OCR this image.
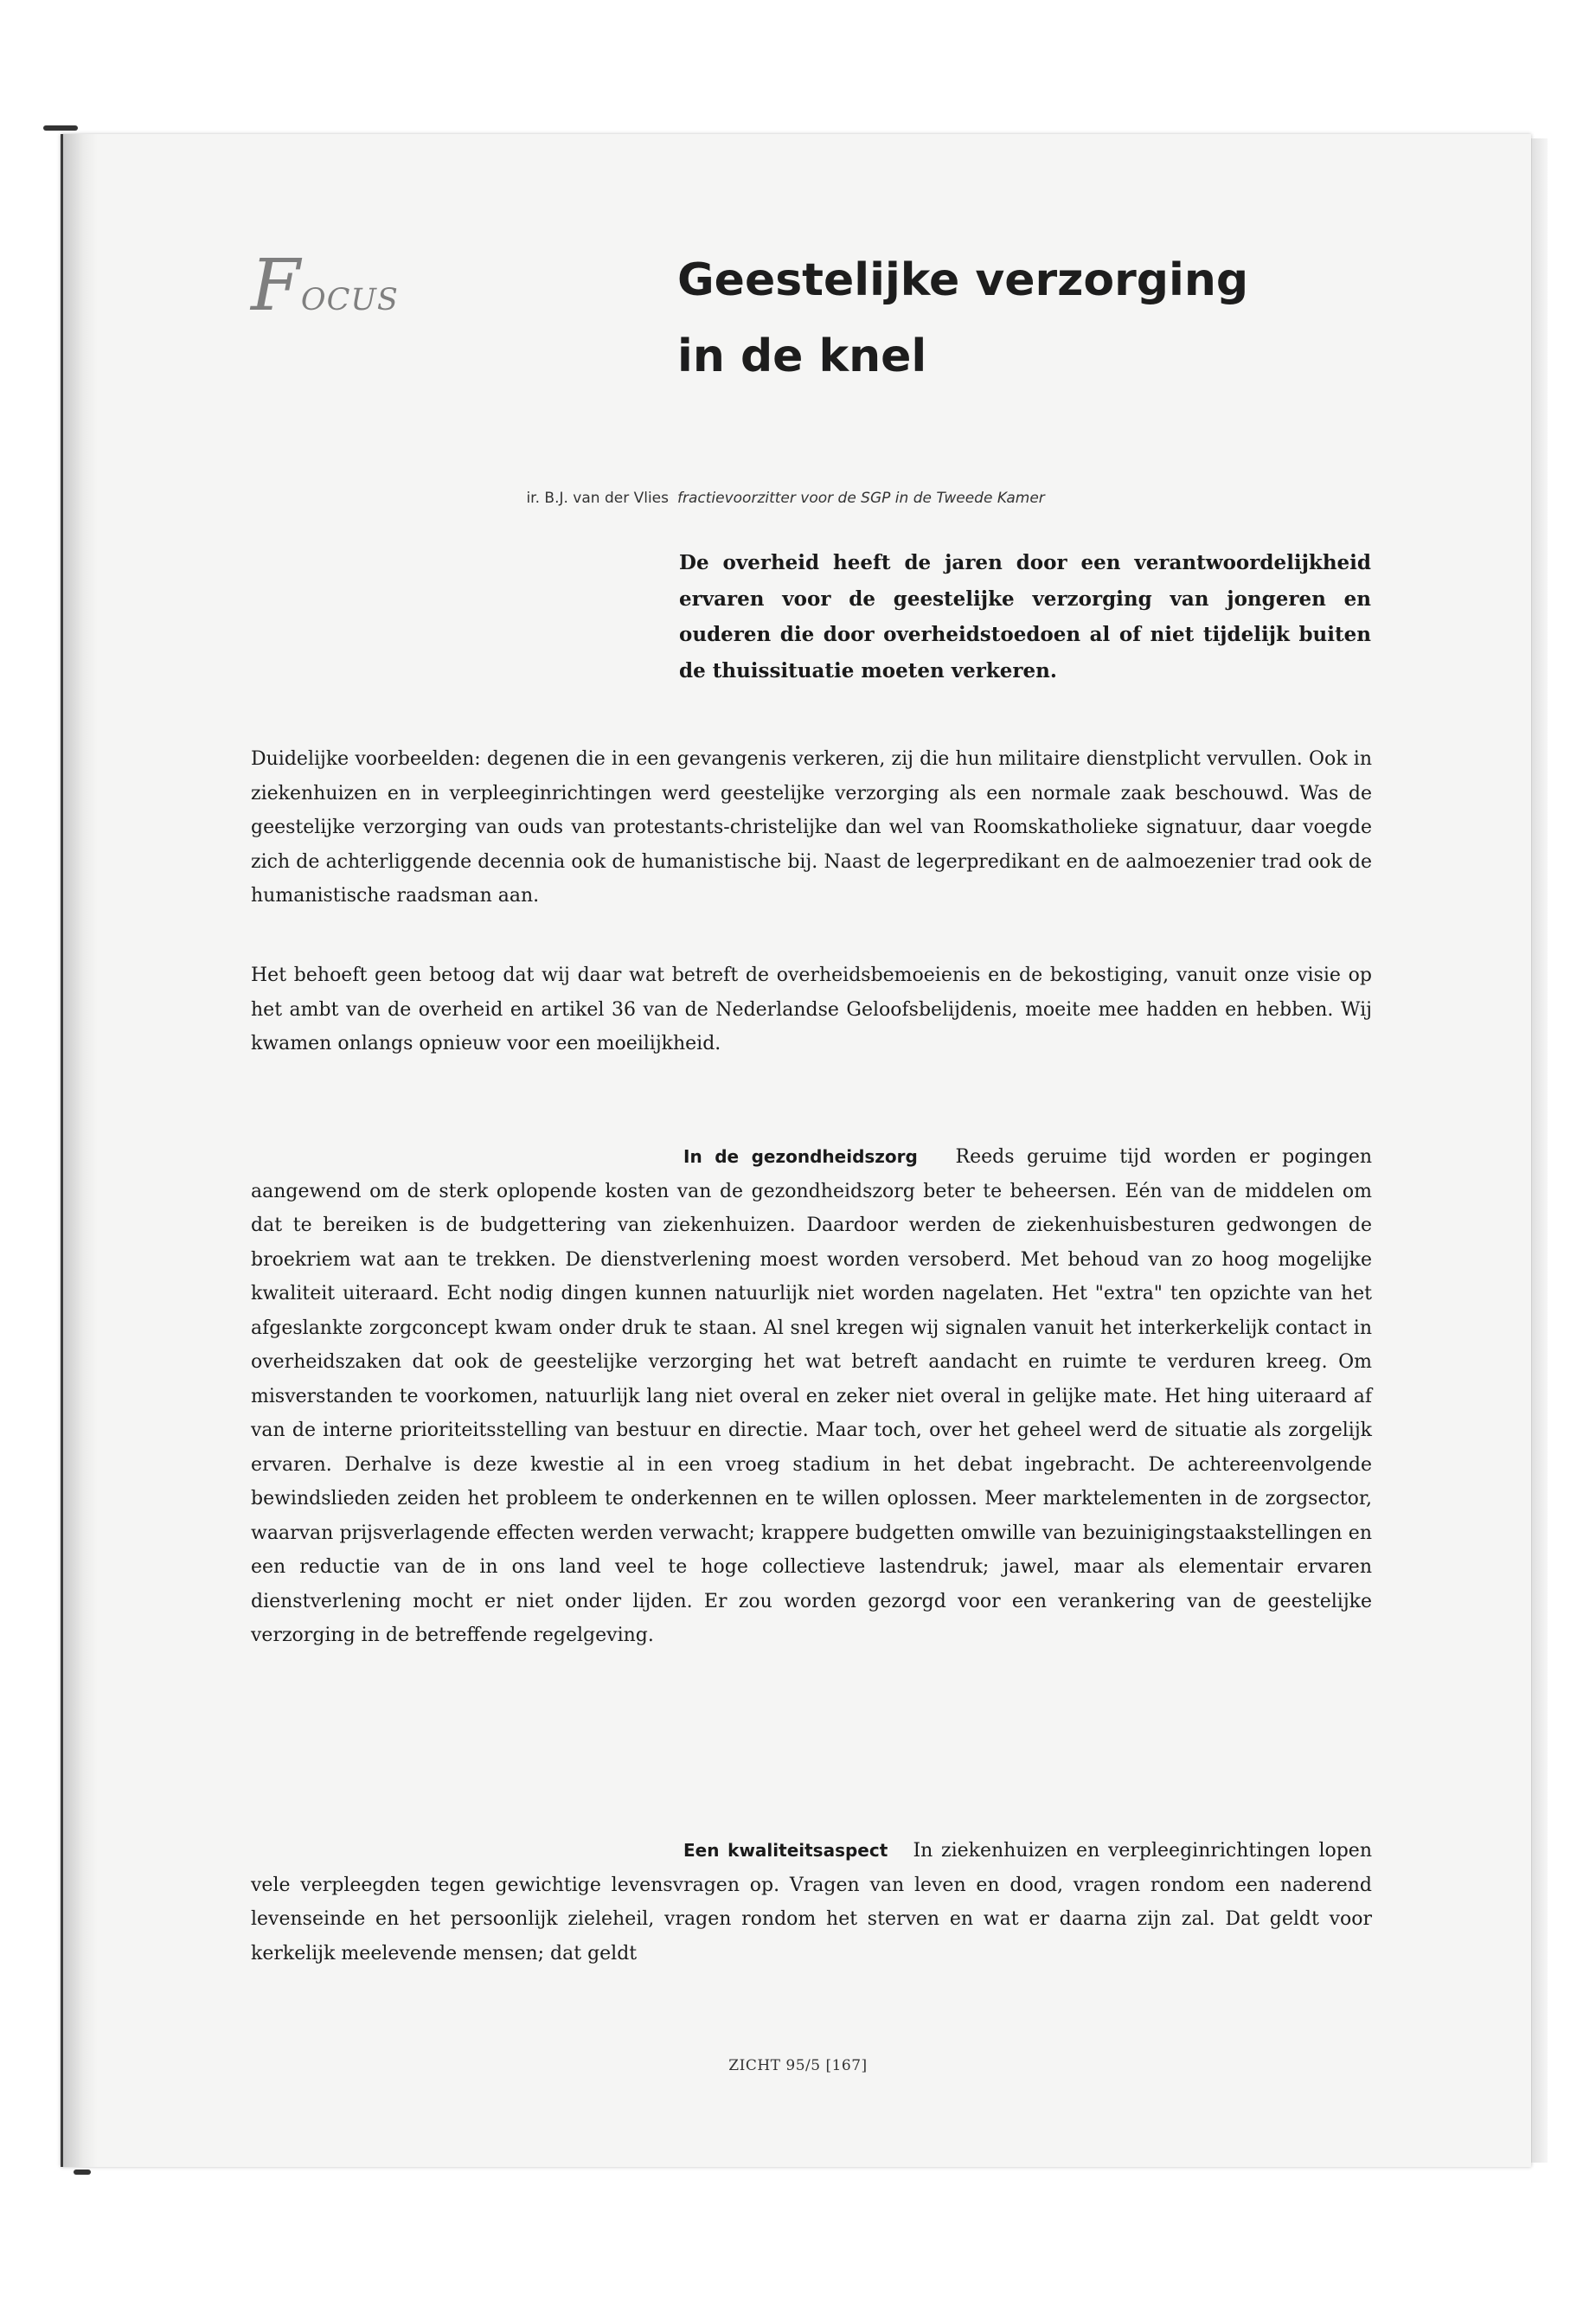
Focus	Geestelijke verzorging
in de knel
ir. B.J. van der Vlies fractievoorzitter voor de SGP in de Tweede Kamer

De overheid heeft de jaren door een verantwoordelijkheid ervaren voor de geestelijke verzorging van jongeren en ouderen die door overheidstoedoen al of niet tijdelijk buiten de thuissituatie moeten verkeren.

Duidelijke voorbeelden: degenen die in een gevangenis verkeren, zij die hun militaire dienstplicht vervullen. Ook in ziekenhuizen en in verpleeginrichtingen werd geestelijke verzorging als een normale zaak beschouwd. Was de geestelijke verzorging van ouds van protestants-christelijke dan wel van Roomskatholieke signatuur, daar voegde zich de achterliggende decennia ook de humanistische bij. Naast de legerpredikant en de aalmoezenier trad ook de humanistische raadsman aan.

Het behoeft geen betoog dat wij daar wat betreft de overheidsbemoeienis en de bekostiging, vanuit onze visie op het ambt van de overheid en artikel 36 van de Nederlandse Geloofsbelijdenis, moeite mee hadden en hebben. Wij kwamen onlangs opnieuw voor een moeilijkheid.

In de gezondheidszorg Reeds geruime tijd worden er pogingen aangewend om de sterk oplopende kosten van de gezondheidszorg beter te beheersen. Eén van de middelen om dat te bereiken is de budgettering van ziekenhuizen. Daardoor werden de ziekenhuisbesturen gedwongen de broekriem wat aan te trekken. De dienstverlening moest worden versoberd. Met behoud van zo hoog mogelijke kwaliteit uiteraard. Echt nodig dingen kunnen natuurlijk niet worden nagelaten. Het "extra" ten opzichte van het afgeslankte zorgconcept kwam onder druk te staan. Al snel kregen wij signalen vanuit het interkerkelijk contact in overheidszaken dat ook de geestelijke verzorging het wat betreft aandacht en ruimte te verduren kreeg. Om misverstanden te voorkomen, natuurlijk lang niet overal en zeker niet overal in gelijke mate. Het hing uiteraard af van de interne prioriteitsstelling van bestuur en directie. Maar toch, over het geheel werd de situatie als zorgelijk ervaren. Derhalve is deze kwestie al in een vroeg stadium in het debat ingebracht. De achtereenvolgende bewindslieden zeiden het probleem te onderkennen en te willen oplossen. Meer marktelementen in de zorgsector, waarvan prijsverlagende effecten werden verwacht; krappere budgetten omwille van bezuinigingstaakstellingen en een reductie van de in ons land veel te hoge collectieve lastendruk; jawel, maar als elementair ervaren dienstverlening mocht er niet onder lijden. Er zou worden gezorgd voor een verankering van de geestelijke verzorging in de betreffende regelgeving.

Een kwaliteitsaspect In ziekenhuizen en verpleeginrichtingen lopen vele verpleegden tegen gewichtige levensvragen op. Vragen van leven en dood, vragen rondom een naderend levenseinde en het persoonlijk zieleheil, vragen rondom het sterven en wat er daarna zijn zal. Dat geldt voor kerkelijk meelevende mensen; dat geldt

ZICHT 95/5 [167]
